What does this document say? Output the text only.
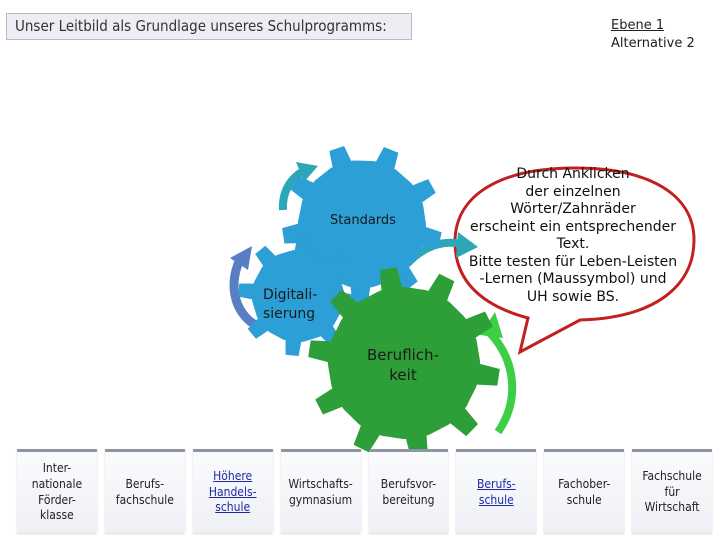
Unser Leitbild als Grundlage unseres Schulprogramms:	Ebene 1
Alternative 2
Standards
Digitali-
sierung
Beruflich-
keit
Durch Anklicken
der einzelnen
Wörter/Zahnräder
erscheint ein entsprechender
Text.
Bitte testen für Leben-Leisten
-Lernen (Maussymbol) und
UH sowie BS.
Inter-
nationale
Förder-
klasse
Berufs-
fachschule
Höhere
Handels-
schule
Wirtschafts-
gymnasium
Berufsvor-
bereitung
Berufs-
schule
Fachober-
schule
Fachschule
für
Wirtschaft
